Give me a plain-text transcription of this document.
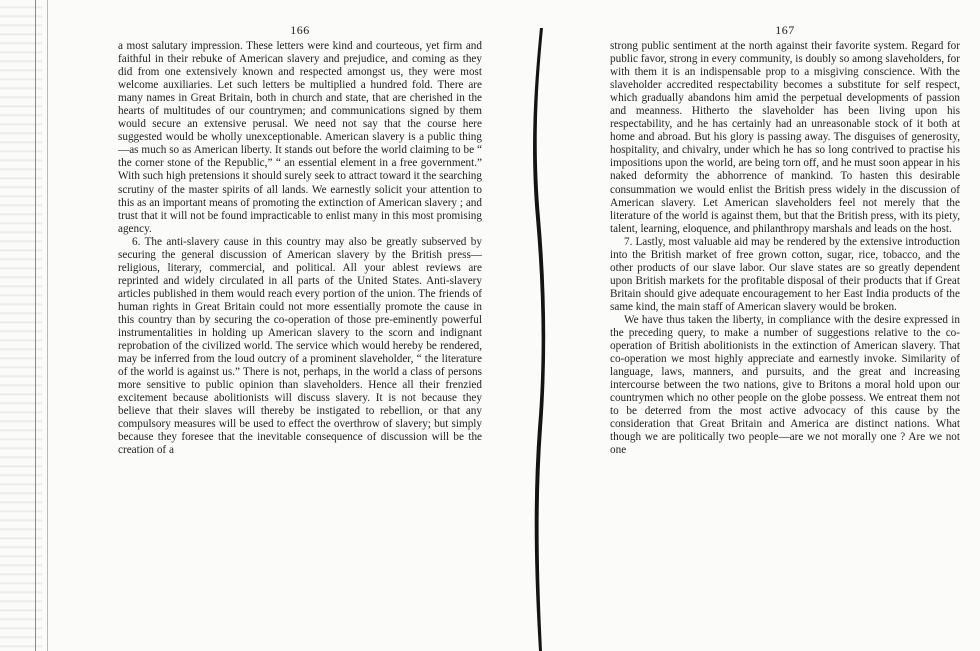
166
a most salutary impression. These letters were kind and courteous, yet firm and faithful in their rebuke of American slavery and prejudice, and coming as they did from one extensively known and respected amongst us, they were most welcome auxiliaries. Let such letters be multiplied a hundred fold. There are many names in Great Britain, both in church and state, that are cherished in the hearts of multitudes of our countrymen; and communications signed by them would secure an extensive perusal. We need not say that the course here suggested would be wholly unexceptionable. American slavery is a public thing —as much so as American liberty. It stands out before the world claiming to be “ the corner stone of the Republic,” “ an essential element in a free government.” With such high pretensions it should surely seek to attract toward it the searching scrutiny of the master spirits of all lands. We earnestly solicit your attention to this as an important means of promoting the extinction of American slavery ; and trust that it will not be found impracticable to enlist many in this most promising agency.
6. The anti-slavery cause in this country may also be greatly subserved by securing the general discussion of American slavery by the British press—religious, literary, commercial, and political. All your ablest reviews are reprinted and widely circulated in all parts of the United States. Anti-slavery articles published in them would reach every portion of the union. The friends of human rights in Great Britain could not more essentially promote the cause in this country than by securing the co-operation of those pre-eminently powerful instrumentalities in holding up American slavery to the scorn and indignant reprobation of the civilized world. The service which would hereby be rendered, may be inferred from the loud outcry of a prominent slaveholder, “ the literature of the world is against us.” There is not, perhaps, in the world a class of persons more sensitive to public opinion than slaveholders. Hence all their frenzied excitement because abolitionists will discuss slavery. It is not because they believe that their slaves will thereby be instigated to rebellion, or that any compulsory measures will be used to effect the overthrow of slavery; but simply because they foresee that the inevitable consequence of discussion will be the creation of a
167
strong public sentiment at the north against their favorite system. Regard for public favor, strong in every community, is doubly so among slaveholders, for with them it is an indispensable prop to a misgiving conscience. With the slaveholder accredited respectability becomes a substitute for self respect, which gradually abandons him amid the perpetual developments of passion and meanness. Hitherto the slaveholder has been living upon his respectability, and he has certainly had an unreasonable stock of it both at home and abroad. But his glory is passing away. The disguises of generosity, hospitality, and chivalry, under which he has so long contrived to practise his impositions upon the world, are being torn off, and he must soon appear in his naked deformity the abhorrence of mankind. To hasten this desirable consummation we would enlist the British press widely in the discussion of American slavery. Let American slaveholders feel not merely that the literature of the world is against them, but that the British press, with its piety, talent, learning, eloquence, and philanthropy marshals and leads on the host.
7. Lastly, most valuable aid may be rendered by the extensive introduction into the British market of free grown cotton, sugar, rice, tobacco, and the other products of our slave labor. Our slave states are so greatly dependent upon British markets for the profitable disposal of their products that if Great Britain should give adequate encouragement to her East India products of the same kind, the main staff of American slavery would be broken.
We have thus taken the liberty, in compliance with the desire expressed in the preceding query, to make a number of suggestions relative to the co-operation of British abolitionists in the extinction of American slavery. That co-operation we most highly appreciate and earnestly invoke. Similarity of language, laws, manners, and pursuits, and the great and increasing intercourse between the two nations, give to Britons a moral hold upon our countrymen which no other people on the globe possess. We entreat them not to be deterred from the most active advocacy of this cause by the consideration that Great Britain and America are distinct nations. What though we are politically two people—are we not morally one ? Are we not one
